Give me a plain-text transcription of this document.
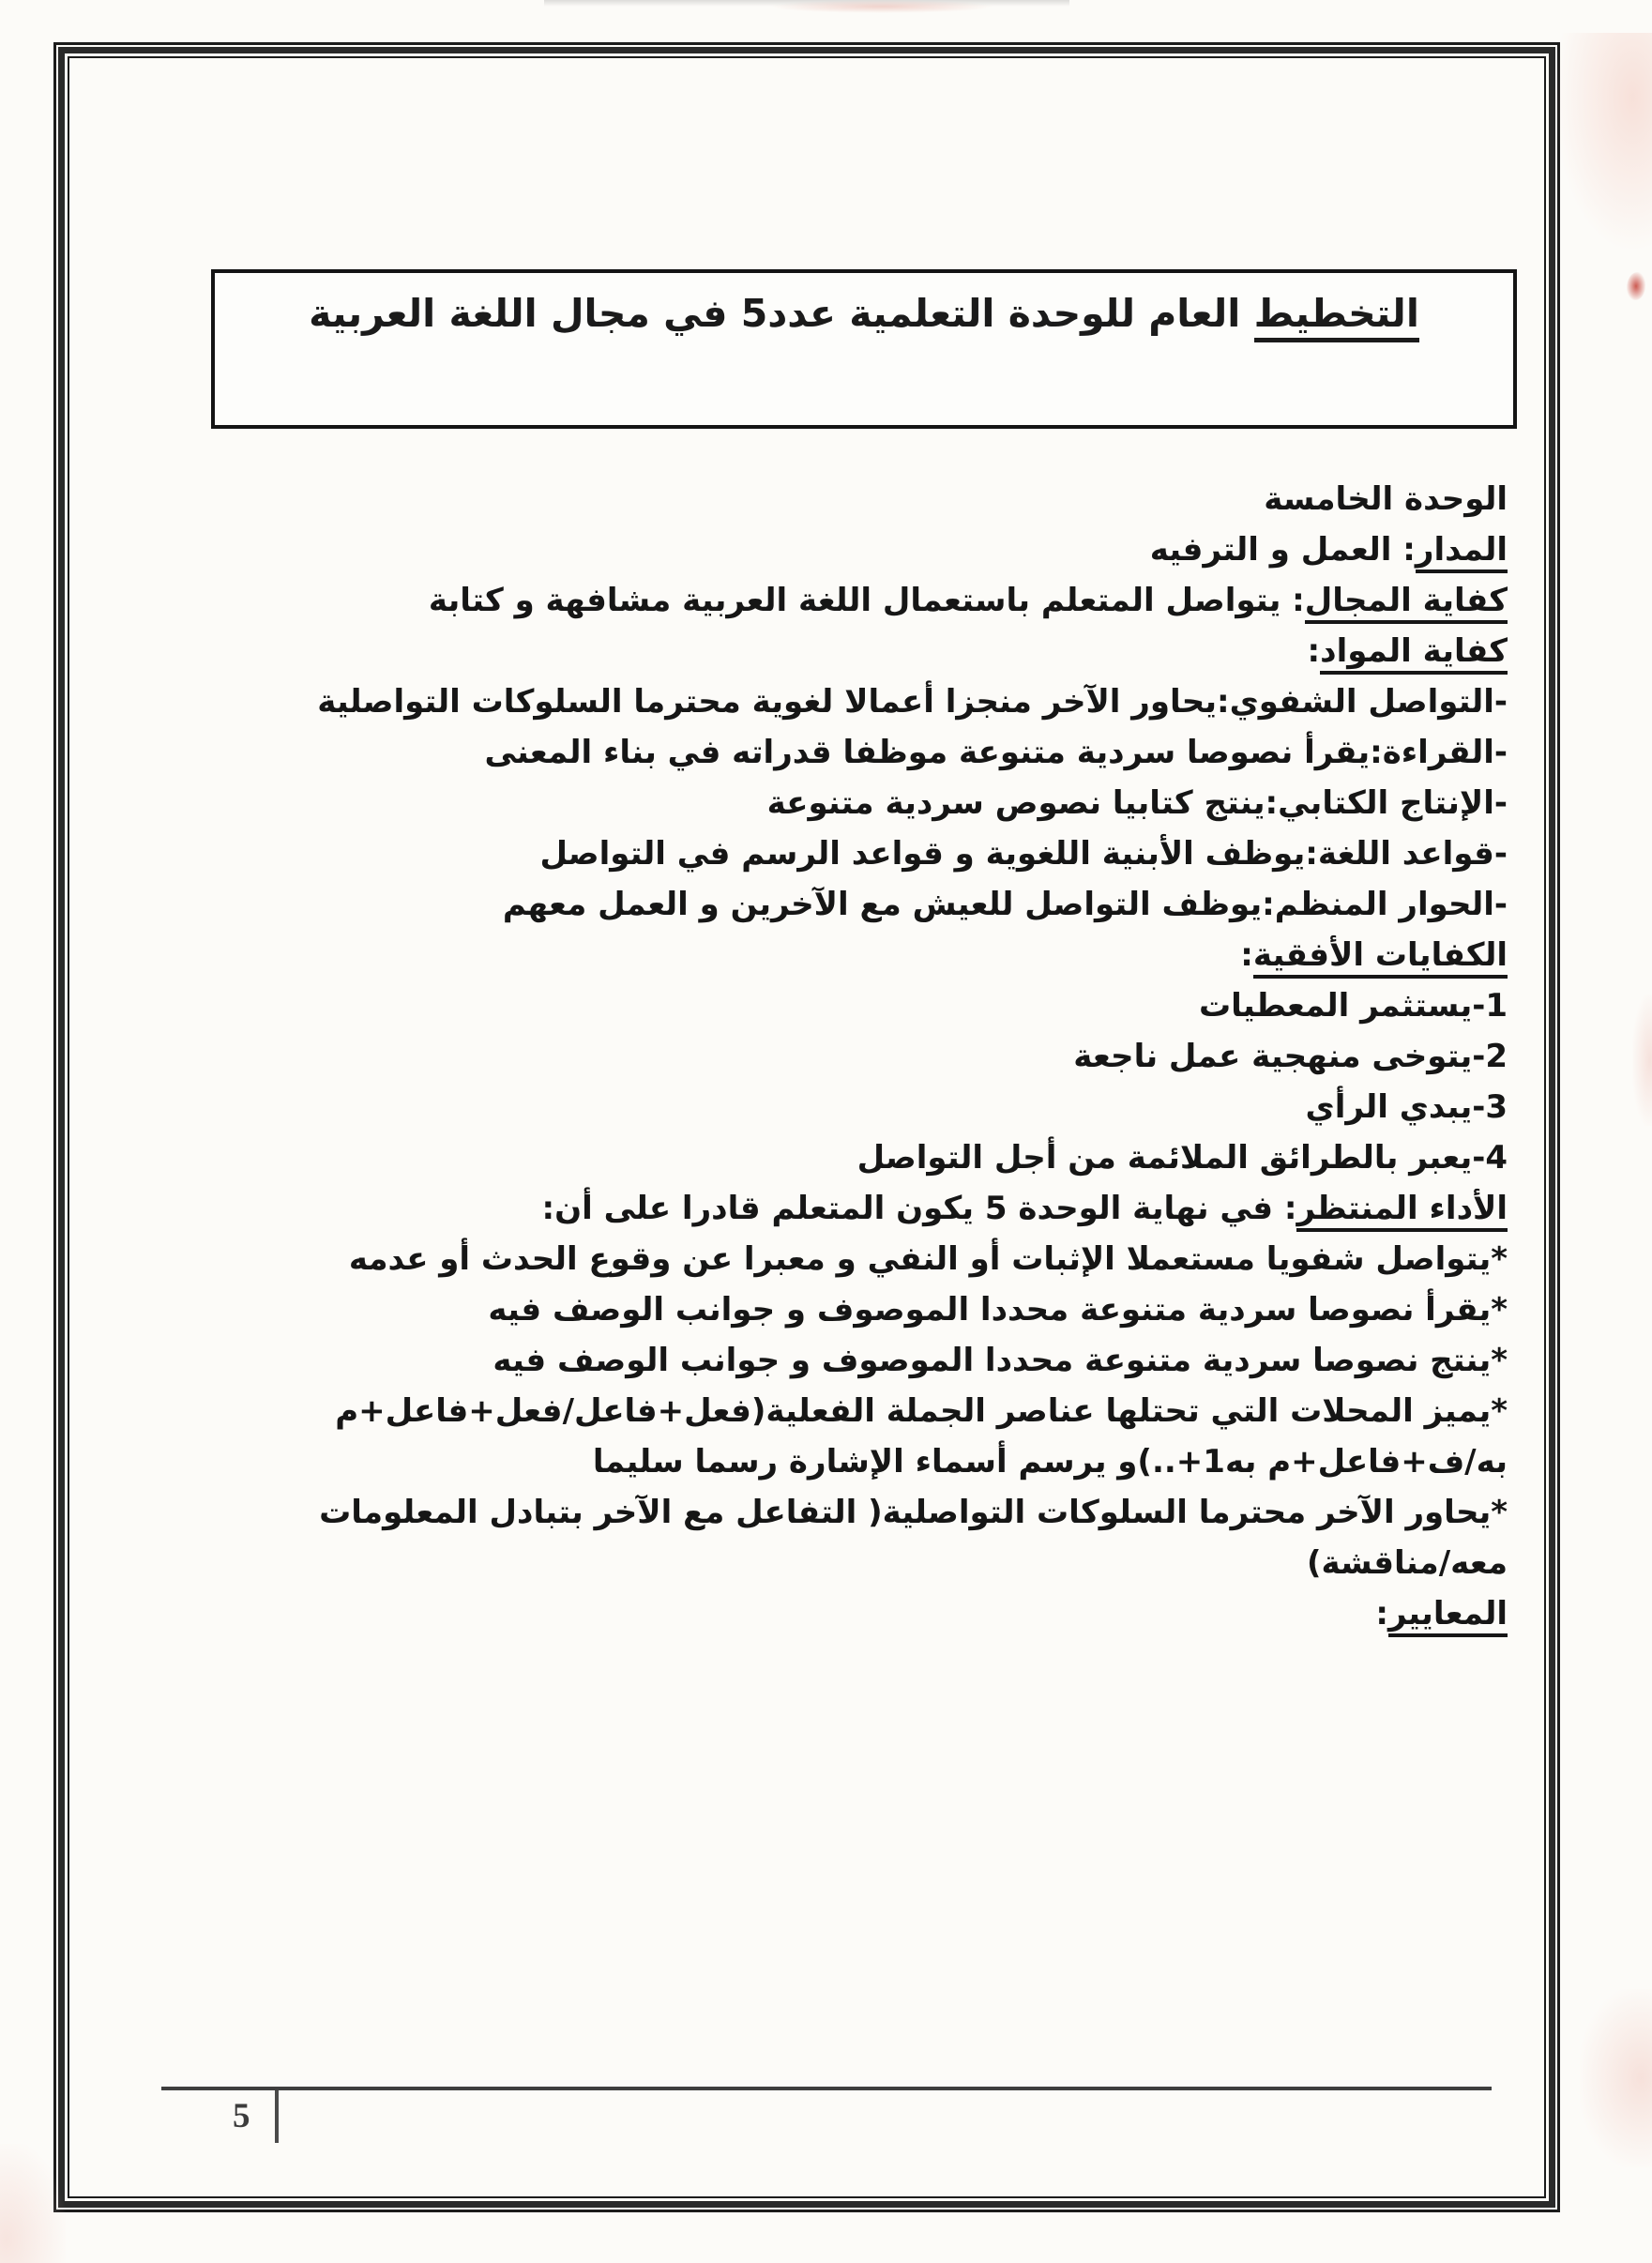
التخطيط العام للوحدة التعلمية عدد5 في مجال اللغة العربية
الوحدة الخامسة
المدار: العمل و الترفيه
كفاية المجال: يتواصل المتعلم باستعمال اللغة العربية مشافهة و كتابة
كفاية المواد:
-التواصل الشفوي:يحاور الآخر منجزا أعمالا لغوية محترما السلوكات التواصلية
-القراءة:يقرأ نصوصا سردية متنوعة موظفا قدراته في بناء المعنى
-الإنتاج الكتابي:ينتج كتابيا نصوص سردية متنوعة
-قواعد اللغة:يوظف الأبنية اللغوية و قواعد الرسم في التواصل
-الحوار المنظم:يوظف التواصل للعيش مع الآخرين و العمل معهم
الكفايات الأفقية:
1-يستثمر المعطيات
2-يتوخى منهجية عمل ناجعة
3-يبدي الرأي
4-يعبر بالطرائق الملائمة من أجل التواصل
الأداء المنتظر: في نهاية الوحدة 5 يكون المتعلم قادرا على أن:
*يتواصل شفويا مستعملا الإثبات أو النفي و معبرا عن وقوع الحدث أو عدمه
*يقرأ نصوصا سردية متنوعة محددا الموصوف و جوانب الوصف فيه
*ينتج نصوصا سردية متنوعة محددا الموصوف و جوانب الوصف فيه
*يميز المحلات التي تحتلها عناصر الجملة الفعلية(فعل+فاعل/فعل+فاعل+م
به/ف+فاعل+م به1+..)و يرسم أسماء الإشارة رسما سليما
*يحاور الآخر محترما السلوكات التواصلية( التفاعل مع الآخر بتبادل المعلومات
معه/مناقشة)
المعايير:
5
